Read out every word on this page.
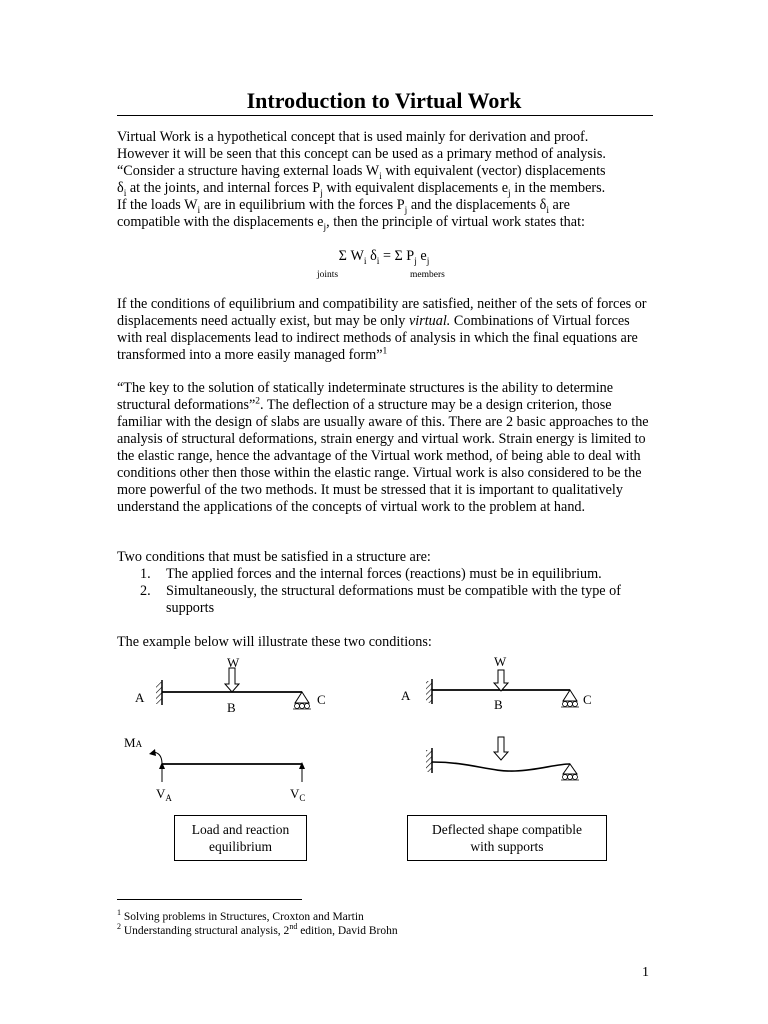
Introduction to Virtual Work

Virtual Work is a hypothetical concept that is used mainly for derivation and proof.
However it will be seen that this concept can be used as a primary method of analysis.
“Consider a structure having external loads $W_i$ with equivalent (vector) displacements
$\delta_i$ at the joints, and internal forces $P_j$ with equivalent displacements $e_j$ in the members.
If the loads $W_i$ are in equilibrium with the forces $P_j$ and the displacements $\delta_i$ are
compatible with the displacements $e_j$, then the principle of virtual work states that:

Σ $W_i$ $\delta_i = \Sigma$ $P_j$ $e_j$
joints	members

If the conditions of equilibrium and compatibility are satisfied, neither of the sets of forces or displacements need actually exist, but may be only virtual. Combinations of Virtual forces with real displacements lead to indirect methods of analysis in which the final equations are transformed into a more easily managed form”$^1$

“The key to the solution of statically indeterminate structures is the ability to determine structural deformations”$^2$. The deflection of a structure may be a design criterion, those familiar with the design of slabs are usually aware of this. There are 2 basic approaches to the analysis of structural deformations, strain energy and virtual work. Strain energy is limited to the elastic range, hence the advantage of the Virtual work method, of being able to deal with conditions other then those within the elastic range. Virtual work is also considered to be the more powerful of the two methods. It must be stressed that it is important to qualitatively understand the applications of the concepts of virtual work to the problem at hand.

Two conditions that must be satisfied in a structure are:

1.	The applied forces and the internal forces (reactions) must be in equilibrium.
2.	Simultaneously, the structural deformations must be compatible with the type of supports

The example below will illustrate these two conditions:

W
A
B
C
W
A
B	C
MA
$V_A$	$V_C$
Load and reaction
equilibrium
Deflected shape compatible
with supports
$^1$ Solving problems in Structures, Croxton and Martin
$^2$ Understanding structural analysis, 2nd edition, David Brohn
1
